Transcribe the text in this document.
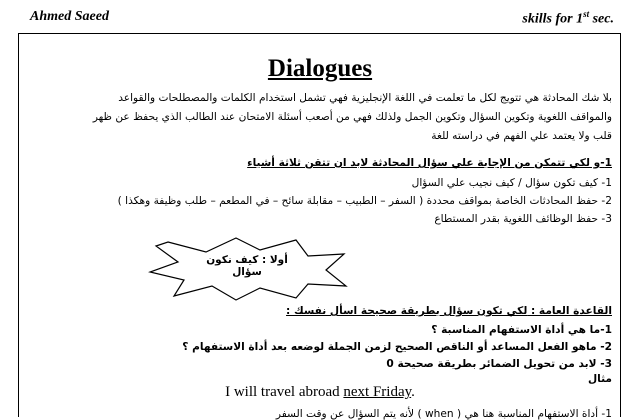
Ahmed Saeed	skills for 1st sec.
Dialogues
بلا شك المحادثة هي تتويج لكل ما تعلمت في اللغة الإنجليزية فهي تشمل استخدام الكلمات والمصطلحات والقواعد
والمواقف اللغوية وتكوين السؤال وتكوين الجمل ولذلك فهي من أصعب أسئلة الامتحان عند الطالب الذي يحفظ عن ظهر
قلب ولا يعتمد علي الفهم في دراسته للغة
1-و لكي تتمكن من الإجابة علي سؤال المحادثة لابد ان تتقن ثلاثة أشياء
1- كيف تكون سؤال / كيف نجيب علي السؤال
2- حفظ المحادثات الخاصة بمواقف محددة ( السفر – الطبيب – مقابلة سائح – في المطعم – طلب وظيفة وهكذا )
3- حفظ الوظائف اللغوية بقدر المستطاع
أولا : كيف نكون سؤال
القاعدة العامة : لكي تكون سؤال بطريقة صحيحة اسأل نفسك :
1-ما هي أداة الاستفهام المناسبة ؟
2- ماهو الفعل المساعد أو الناقص الصحيح لزمن الجملة لوضعه بعد أداة الاستفهام ؟
3- لابد من تحويل الضمائر بطريقة صحيحة 0
مثال
I will travel abroad next Friday.
1- أداة الاستفهام المناسبة هنا هي ( when ) لأنه يتم السؤال عن وقت السفر
